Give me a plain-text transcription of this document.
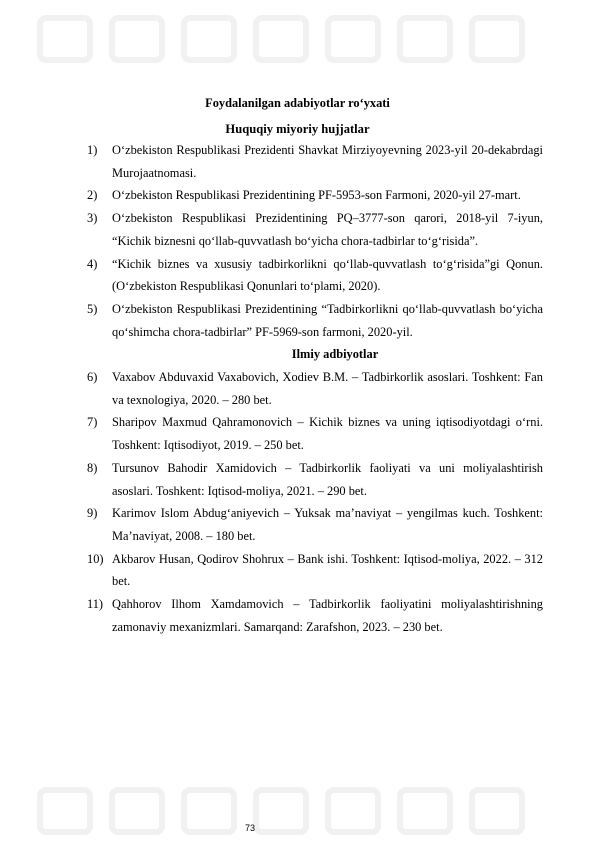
Foydalanilgan adabiyotlar ro‘yxati
Huquqiy miyoriy hujjatlar
1)	O‘zbekiston Respublikasi Prezidenti Shavkat Mirziyoyevning 2023-yil 20-dekabrdagi Murojaatnomasi.
2)	O‘zbekiston Respublikasi Prezidentining PF-5953-son Farmoni, 2020-yil 27-mart.
3)	O‘zbekiston Respublikasi Prezidentining PQ–3777-son qarori, 2018-yil 7-iyun, “Kichik biznesni qo‘llab-quvvatlash bo‘yicha chora-tadbirlar to‘g‘risida”.
4)	“Kichik biznes va xususiy tadbirkorlikni qo‘llab-quvvatlash to‘g‘risida”gi Qonun. (O‘zbekiston Respublikasi Qonunlari to‘plami, 2020).
5)	O‘zbekiston Respublikasi Prezidentining “Tadbirkorlikni qo‘llab-quvvatlash bo‘yicha qo‘shimcha chora-tadbirlar” PF-5969-son farmoni, 2020-yil.
Ilmiy adbiyotlar
6)	Vaxabov Abduvaxid Vaxabovich, Xodiev B.M. – Tadbirkorlik asoslari. Toshkent: Fan va texnologiya, 2020. – 280 bet.
7)	Sharipov Maxmud Qahramonovich – Kichik biznes va uning iqtisodiyotdagi o‘rni. Toshkent: Iqtisodiyot, 2019. – 250 bet.
8)	Tursunov Bahodir Xamidovich – Tadbirkorlik faoliyati va uni moliyalashtirish asoslari. Toshkent: Iqtisod-moliya, 2021. – 290 bet.
9)	Karimov Islom Abdug‘aniyevich – Yuksak ma’naviyat – yengilmas kuch. Toshkent: Ma’naviyat, 2008. – 180 bet.
10) Akbarov Husan, Qodirov Shohrux – Bank ishi. Toshkent: Iqtisod-moliya, 2022. – 312 bet.
11) Qahhorov Ilhom Xamdamovich – Tadbirkorlik faoliyatini moliyalashtirishning zamonaviy mexanizmlari. Samarqand: Zarafshon, 2023. – 230 bet.
73
